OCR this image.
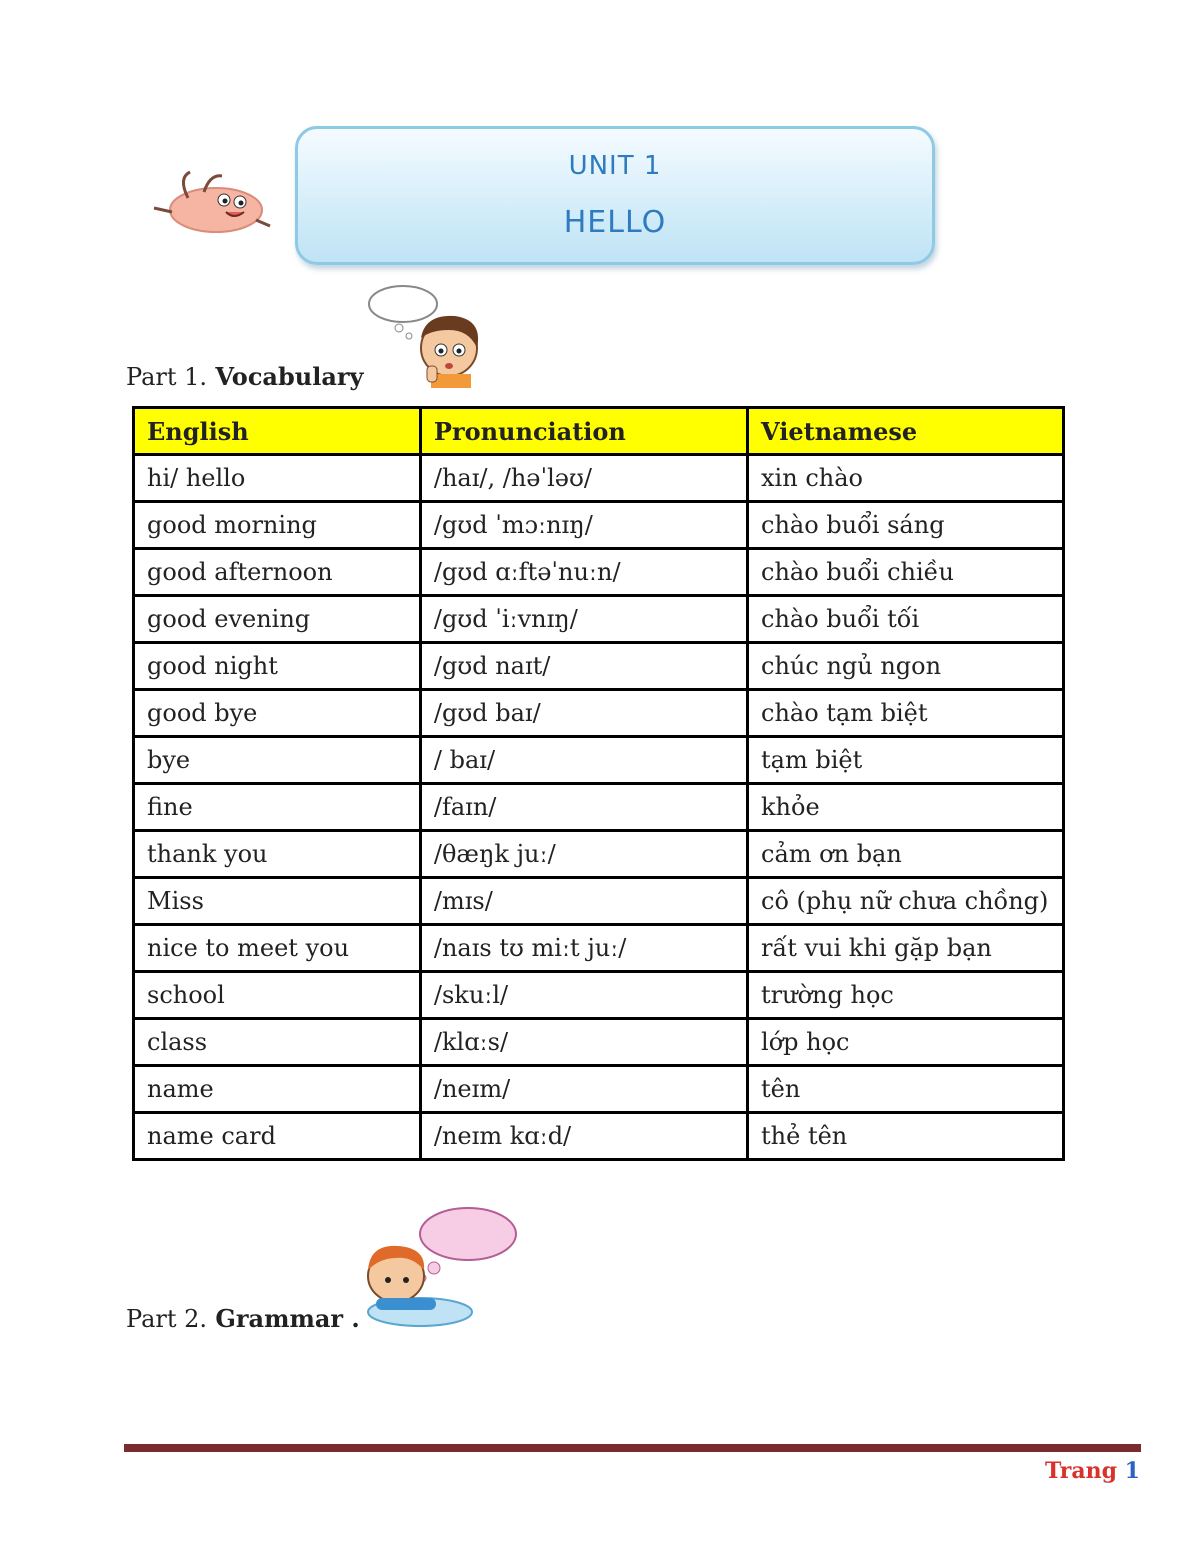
UNIT 1
HELLO
Part 1. Vocabulary
English	Pronunciation	Vietnamese
hi/ hello	/haɪ/, /həˈləʊ/	xin chào
good morning	/gʊd ˈmɔːnɪŋ/	chào buổi sáng
good afternoon	/gʊd ɑːftəˈnuːn/	chào buổi chiều
good evening	/gʊd ˈiːvnɪŋ/	chào buổi tối
good night	/gʊd naɪt/	chúc ngủ ngon
good bye	/gʊd baɪ/	chào tạm biệt
bye	/ baɪ/	tạm biệt
fine	/faɪn/	khỏe
thank you	/θæŋk juː/	cảm ơn bạn
Miss	/mɪs/	cô (phụ nữ chưa chồng)
nice to meet you	/naɪs tʊ miːt juː/	rất vui khi gặp bạn
school	/skuːl/	trường học
class	/klɑːs/	lớp học
name	/neɪm/	tên
name card	/neɪm kɑːd/	thẻ tên
Part 2. Grammar .
Trang 1
